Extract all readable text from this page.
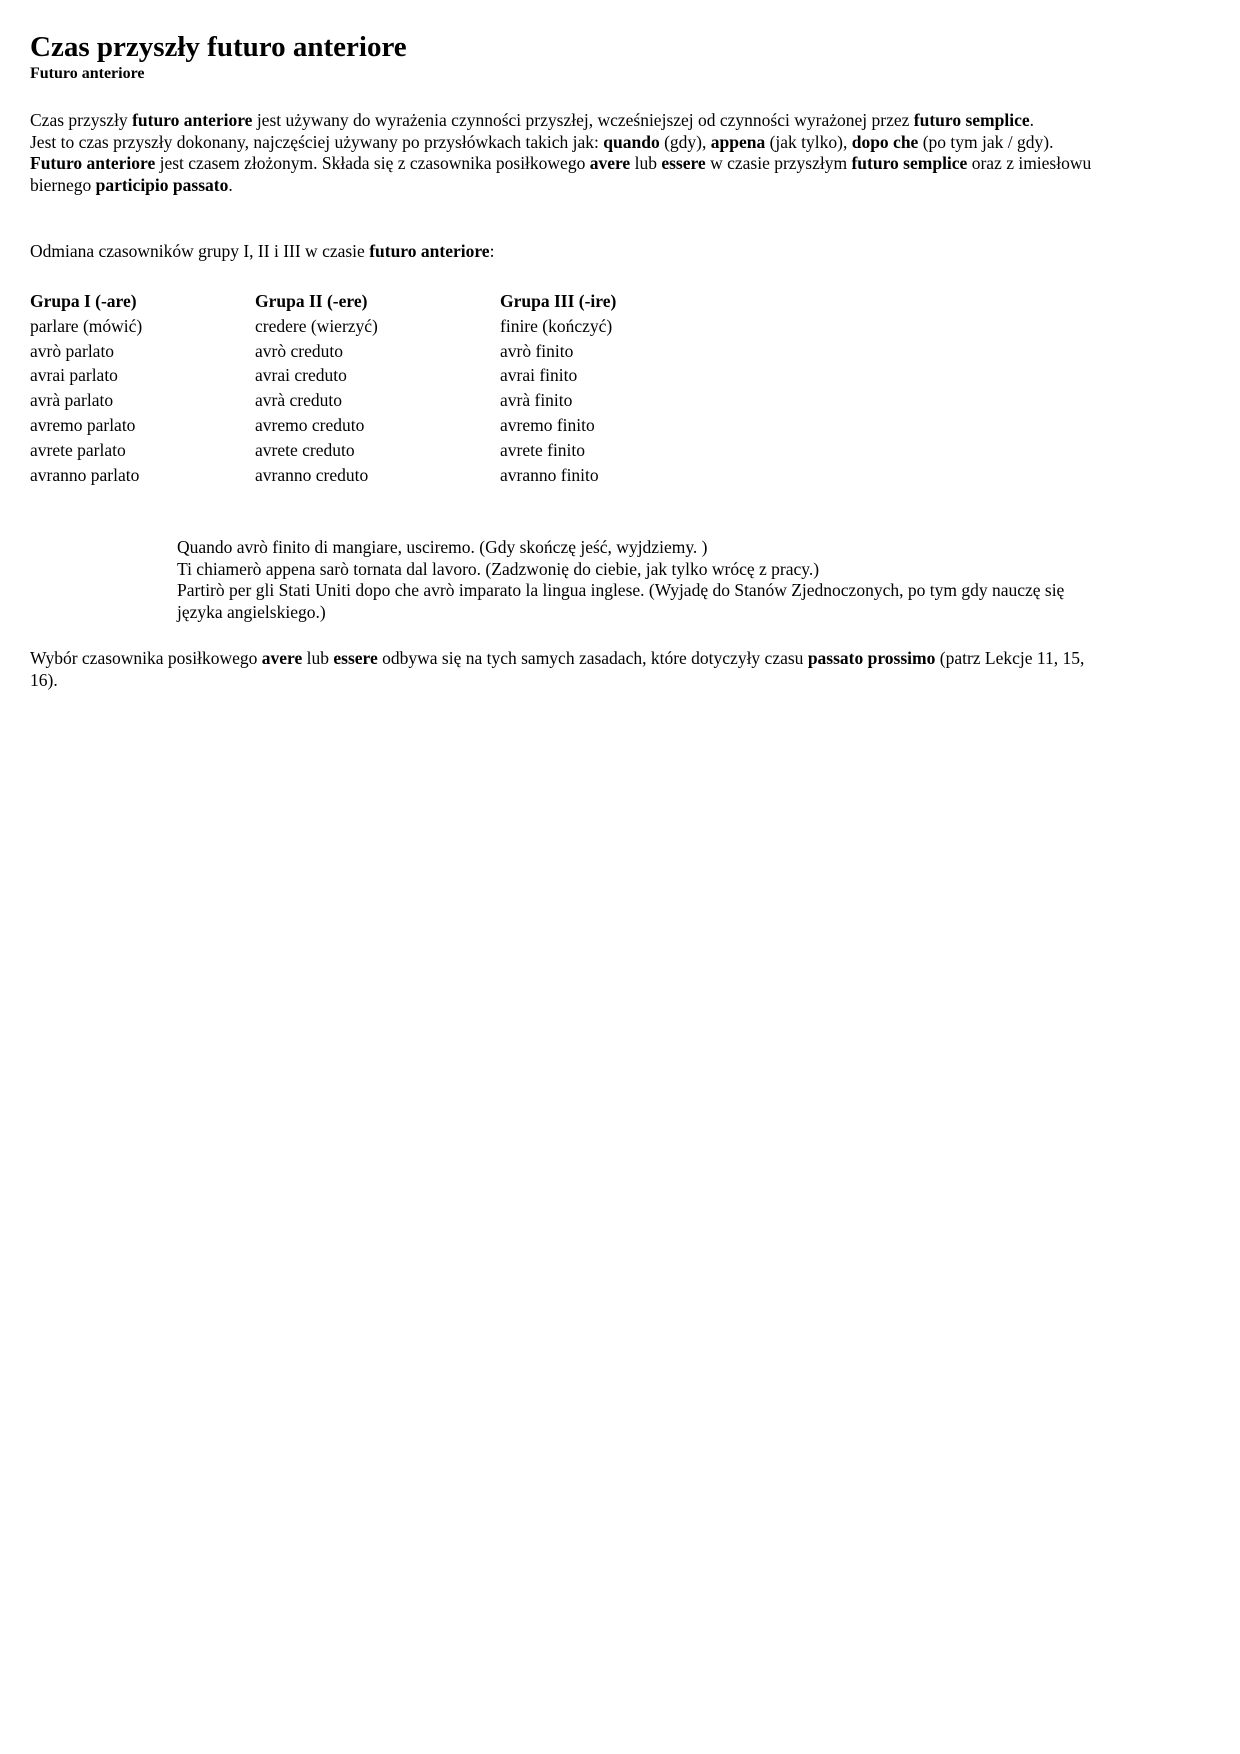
Czas przyszły futuro anteriore
Futuro anteriore
Czas przyszły futuro anteriore jest używany do wyrażenia czynności przyszłej, wcześniejszej od czynności wyrażonej przez futuro semplice.
Jest to czas przyszły dokonany, najczęściej używany po przysłówkach takich jak: quando (gdy), appena (jak tylko), dopo che (po tym jak / gdy). Futuro anteriore jest czasem złożonym. Składa się z czasownika posiłkowego avere lub essere w czasie przyszłym futuro semplice oraz z imiesłowu biernego participio passato.
Odmiana czasowników grupy I, II i III w czasie futuro anteriore:
Grupa I (-are)
parlare (mówić)
avrò parlato
avrai parlato
avrà parlato
avremo parlato
avrete parlato
avranno parlato
Grupa II (-ere)
credere (wierzyć)
avrò creduto
avrai creduto
avrà creduto
avremo creduto
avrete creduto
avranno creduto
Grupa III (-ire)
finire (kończyć)
avrò finito
avrai finito
avrà finito
avremo finito
avrete finito
avranno finito
Quando avrò finito di mangiare, usciremo. (Gdy skończę jeść, wyjdziemy. )
Ti chiamerò appena sarò tornata dal lavoro. (Zadzwonię do ciebie, jak tylko wrócę z pracy.)
Partirò per gli Stati Uniti dopo che avrò imparato la lingua inglese. (Wyjadę do Stanów Zjednoczonych, po tym gdy nauczę się języka angielskiego.)
Wybór czasownika posiłkowego avere lub essere odbywa się na tych samych zasadach, które dotyczyły czasu passato prossimo (patrz Lekcje 11, 15, 16).
